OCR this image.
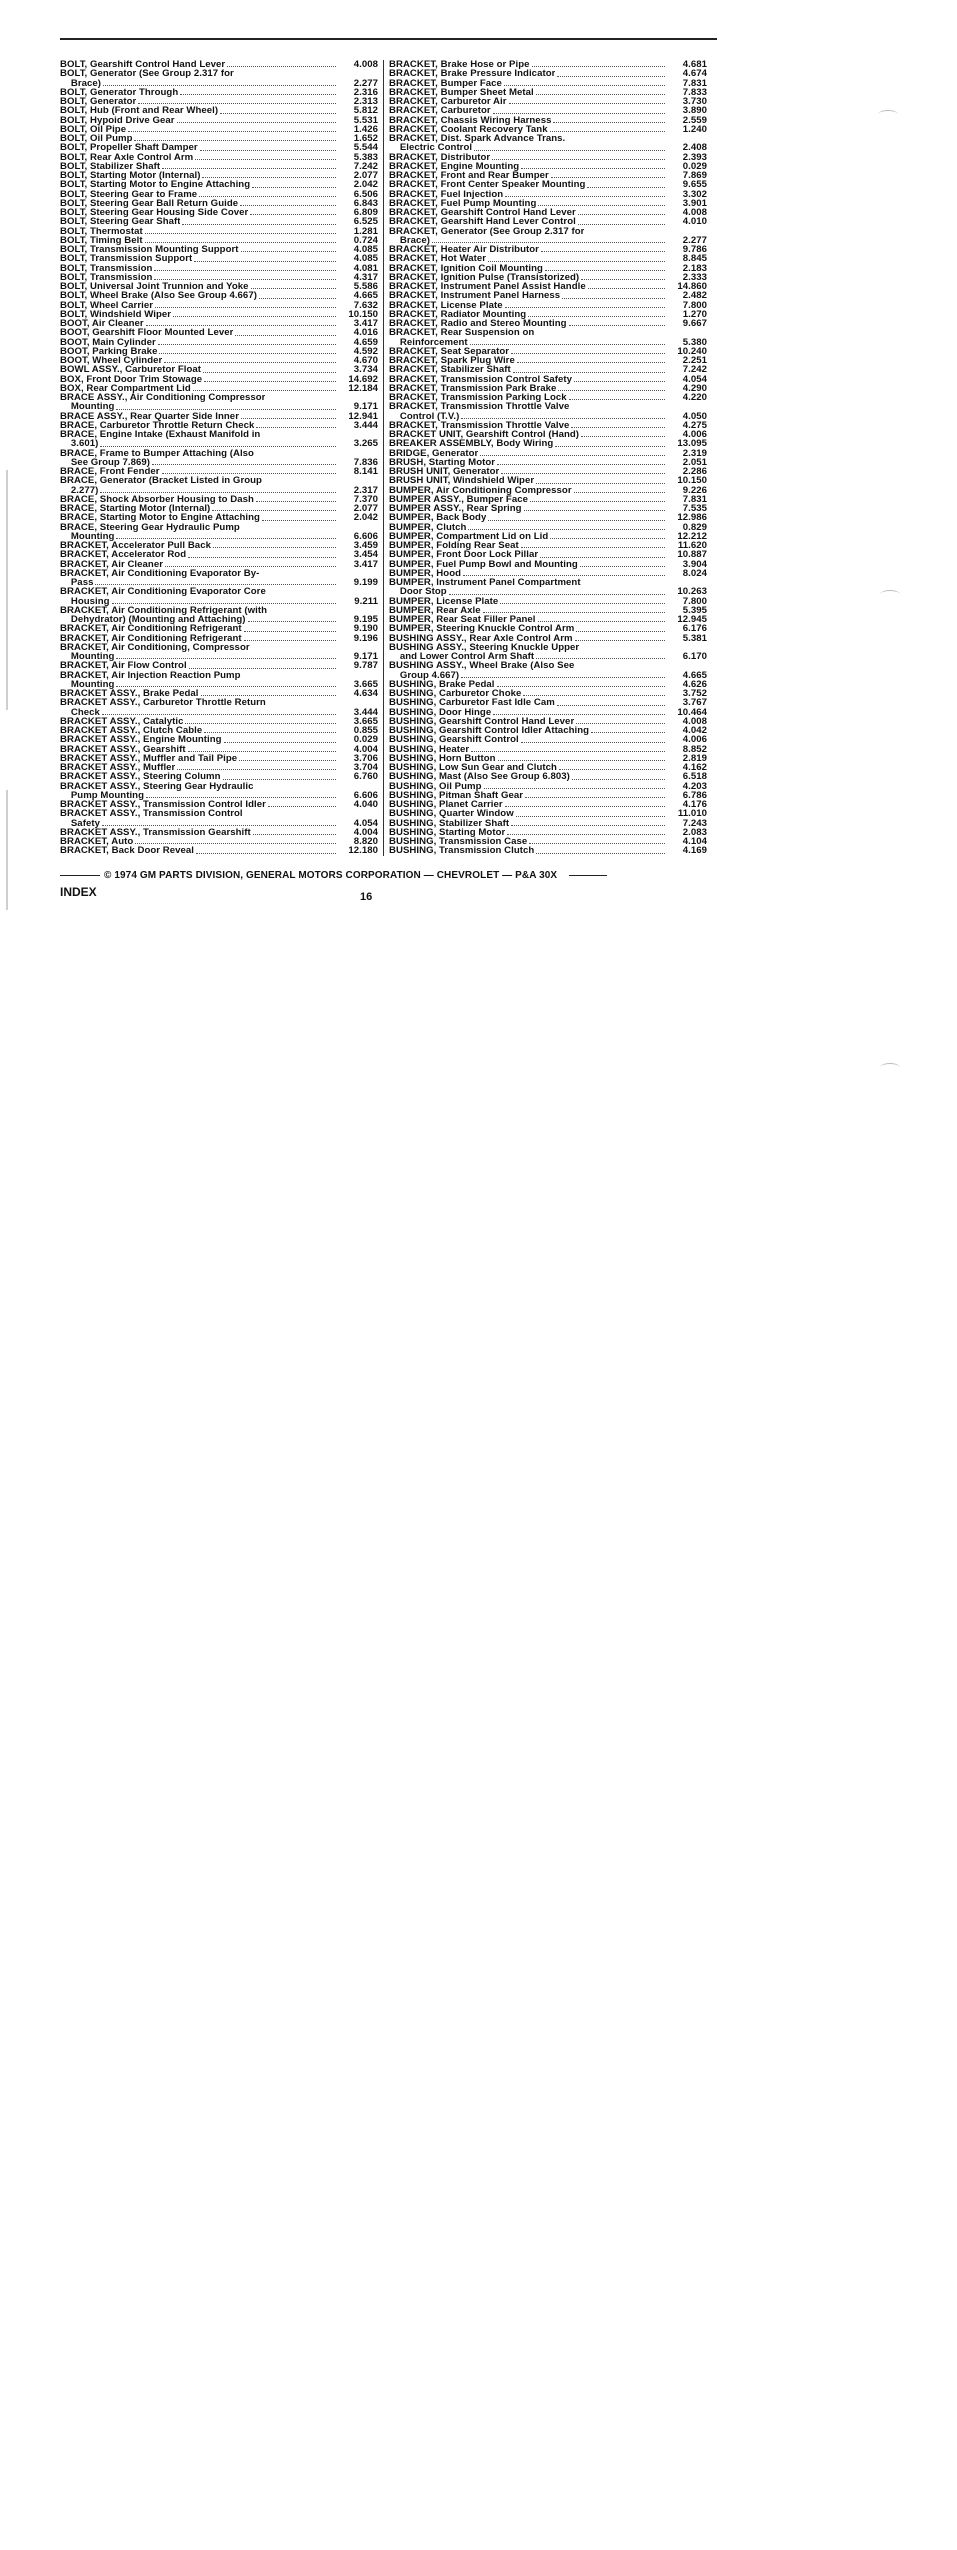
BOLT, Gearshift Control Hand Lever	4.008
BOLT, Generator (See Group 2.317 for
Brace)	2.277
BOLT, Generator Through	2.316
BOLT, Generator	2.313
BOLT, Hub (Front and Rear Wheel)	5.812
BOLT, Hypoid Drive Gear	5.531
BOLT, Oil Pipe	1.426
BOLT, Oil Pump	1.652
BOLT, Propeller Shaft Damper	5.544
BOLT, Rear Axle Control Arm	5.383
BOLT, Stabilizer Shaft	7.242
BOLT, Starting Motor (Internal)	2.077
BOLT, Starting Motor to Engine Attaching	2.042
BOLT, Steering Gear to Frame	6.506
BOLT, Steering Gear Ball Return Guide	6.843
BOLT, Steering Gear Housing Side Cover	6.809
BOLT, Steering Gear Shaft	6.525
BOLT, Thermostat	1.281
BOLT, Timing Belt	0.724
BOLT, Transmission Mounting Support	4.085
BOLT, Transmission Support	4.085
BOLT, Transmission	4.081
BOLT, Transmission	4.317
BOLT, Universal Joint Trunnion and Yoke	5.586
BOLT, Wheel Brake (Also See Group 4.667)	4.665
BOLT, Wheel Carrier	7.632
BOLT, Windshield Wiper	10.150
BOOT, Air Cleaner	3.417
BOOT, Gearshift Floor Mounted Lever	4.016
BOOT, Main Cylinder	4.659
BOOT, Parking Brake	4.592
BOOT, Wheel Cylinder	4.670
BOWL ASSY., Carburetor Float	3.734
BOX, Front Door Trim Stowage	14.692
BOX, Rear Compartment Lid	12.184
BRACE ASSY., Air Conditioning Compressor
Mounting	9.171
BRACE ASSY., Rear Quarter Side Inner	12.941
BRACE, Carburetor Throttle Return Check	3.444
BRACE, Engine Intake (Exhaust Manifold in
3.601)	3.265
BRACE, Frame to Bumper Attaching (Also
See Group 7.869)	7.836
BRACE, Front Fender	8.141
BRACE, Generator (Bracket Listed in Group
2.277)	2.317
BRACE, Shock Absorber Housing to Dash	7.370
BRACE, Starting Motor (Internal)	2.077
BRACE, Starting Motor to Engine Attaching	2.042
BRACE, Steering Gear Hydraulic Pump
Mounting	6.606
BRACKET, Accelerator Pull Back	3.459
BRACKET, Accelerator Rod	3.454
BRACKET, Air Cleaner	3.417
BRACKET, Air Conditioning Evaporator By-
Pass	9.199
BRACKET, Air Conditioning Evaporator Core
Housing	9.211
BRACKET, Air Conditioning Refrigerant (with
Dehydrator) (Mounting and Attaching)	9.195
BRACKET, Air Conditioning Refrigerant	9.190
BRACKET, Air Conditioning Refrigerant	9.196
BRACKET, Air Conditioning, Compressor
Mounting	9.171
BRACKET, Air Flow Control	9.787
BRACKET, Air Injection Reaction Pump
Mounting	3.665
BRACKET ASSY., Brake Pedal	4.634
BRACKET ASSY., Carburetor Throttle Return
Check	3.444
BRACKET ASSY., Catalytic	3.665
BRACKET ASSY., Clutch Cable	0.855
BRACKET ASSY., Engine Mounting	0.029
BRACKET ASSY., Gearshift	4.004
BRACKET ASSY., Muffler and Tail Pipe	3.706
BRACKET ASSY., Muffler	3.704
BRACKET ASSY., Steering Column	6.760
BRACKET ASSY., Steering Gear Hydraulic
Pump Mounting	6.606
BRACKET ASSY., Transmission Control Idler	4.040
BRACKET ASSY., Transmission Control
Safety	4.054
BRACKET ASSY., Transmission Gearshift	4.004
BRACKET, Auto	8.820
BRACKET, Back Door Reveal	12.180
BRACKET, Brake Hose or Pipe	4.681
BRACKET, Brake Pressure Indicator	4.674
BRACKET, Bumper Face	7.831
BRACKET, Bumper Sheet Metal	7.833
BRACKET, Carburetor Air	3.730
BRACKET, Carburetor	3.890
BRACKET, Chassis Wiring Harness	2.559
BRACKET, Coolant Recovery Tank	1.240
BRACKET, Dist. Spark Advance Trans.
Electric Control	2.408
BRACKET, Distributor	2.393
BRACKET, Engine Mounting	0.029
BRACKET, Front and Rear Bumper	7.869
BRACKET, Front Center Speaker Mounting	9.655
BRACKET, Fuel Injection	3.302
BRACKET, Fuel Pump Mounting	3.901
BRACKET, Gearshift Control Hand Lever	4.008
BRACKET, Gearshift Hand Lever Control	4.010
BRACKET, Generator (See Group 2.317 for
Brace)	2.277
BRACKET, Heater Air Distributor	9.786
BRACKET, Hot Water	8.845
BRACKET, Ignition Coil Mounting	2.183
BRACKET, Ignition Pulse (Transistorized)	2.333
BRACKET, Instrument Panel Assist Handle	14.860
BRACKET, Instrument Panel Harness	2.482
BRACKET, License Plate	7.800
BRACKET, Radiator Mounting	1.270
BRACKET, Radio and Stereo Mounting	9.667
BRACKET, Rear Suspension on
Reinforcement	5.380
BRACKET, Seat Separator	10.240
BRACKET, Spark Plug Wire	2.251
BRACKET, Stabilizer Shaft	7.242
BRACKET, Transmission Control Safety	4.054
BRACKET, Transmission Park Brake	4.290
BRACKET, Transmission Parking Lock	4.220
BRACKET, Transmission Throttle Valve
Control (T.V.)	4.050
BRACKET, Transmission Throttle Valve	4.275
BRACKET UNIT, Gearshift Control (Hand)	4.006
BREAKER ASSEMBLY, Body Wiring	13.095
BRIDGE, Generator	2.319
BRUSH, Starting Motor	2.051
BRUSH UNIT, Generator	2.286
BRUSH UNIT, Windshield Wiper	10.150
BUMPER, Air Conditioning Compressor	9.226
BUMPER ASSY., Bumper Face	7.831
BUMPER ASSY., Rear Spring	7.535
BUMPER, Back Body	12.986
BUMPER, Clutch	0.829
BUMPER, Compartment Lid on Lid	12.212
BUMPER, Folding Rear Seat	11.620
BUMPER, Front Door Lock Pillar	10.887
BUMPER, Fuel Pump Bowl and Mounting	3.904
BUMPER, Hood	8.024
BUMPER, Instrument Panel Compartment
Door Stop	10.263
BUMPER, License Plate	7.800
BUMPER, Rear Axle	5.395
BUMPER, Rear Seat Filler Panel	12.945
BUMPER, Steering Knuckle Control Arm	6.176
BUSHING ASSY., Rear Axle Control Arm	5.381
BUSHING ASSY., Steering Knuckle Upper
and Lower Control Arm Shaft	6.170
BUSHING ASSY., Wheel Brake (Also See
Group 4.667)	4.665
BUSHING, Brake Pedal	4.626
BUSHING, Carburetor Choke	3.752
BUSHING, Carburetor Fast Idle Cam	3.767
BUSHING, Door Hinge	10.464
BUSHING, Gearshift Control Hand Lever	4.008
BUSHING, Gearshift Control Idler Attaching	4.042
BUSHING, Gearshift Control	4.006
BUSHING, Heater	8.852
BUSHING, Horn Button	2.819
BUSHING, Low Sun Gear and Clutch	4.162
BUSHING, Mast (Also See Group 6.803)	6.518
BUSHING, Oil Pump	4.203
BUSHING, Pitman Shaft Gear	6.786
BUSHING, Planet Carrier	4.176
BUSHING, Quarter Window	11.010
BUSHING, Stabilizer Shaft	7.243
BUSHING, Starting Motor	2.083
BUSHING, Transmission Case	4.104
BUSHING, Transmission Clutch	4.169
© 1974 GM PARTS DIVISION, GENERAL MOTORS CORPORATION — CHEVROLET — P&A 30X
INDEX	16
